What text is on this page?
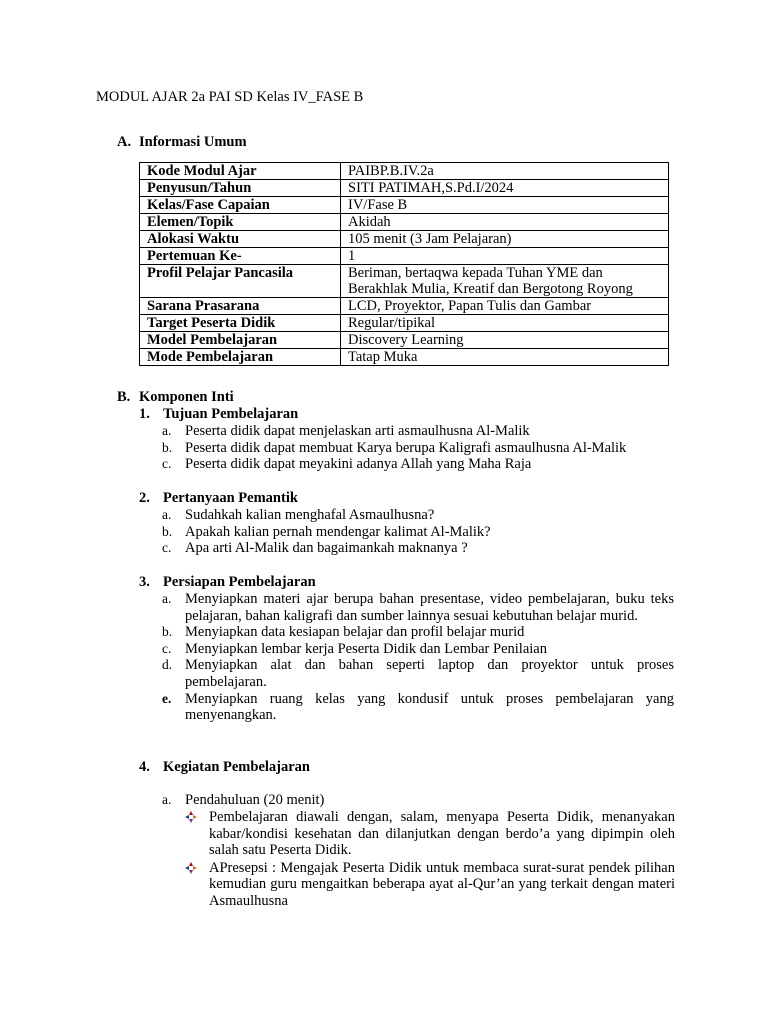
MODUL AJAR 2a PAI SD Kelas IV_FASE B
A. Informasi Umum
Kode Modul Ajar	PAIBP.B.IV.2a
Penyusun/Tahun	SITI PATIMAH,S.Pd.I/2024
Kelas/Fase Capaian	IV/Fase B
Elemen/Topik	Akidah
Alokasi Waktu	105 menit (3 Jam Pelajaran)
Pertemuan Ke-	1
Profil Pelajar Pancasila	Beriman, bertaqwa kepada Tuhan YME dan
Berakhlak Mulia, Kreatif dan Bergotong Royong

Sarana Prasarana	LCD, Proyektor, Papan Tulis dan Gambar
Target Peserta Didik	Regular/tipikal
Model Pembelajaran	Discovery Learning
Mode Pembelajaran	Tatap Muka
B. Komponen Inti
1. Tujuan Pembelajaran
a. Peserta didik dapat menjelaskan arti asmaulhusna Al-Malik
b. Peserta didik dapat membuat Karya berupa Kaligrafi asmaulhusna Al-Malik
c. Peserta didik dapat meyakini adanya Allah yang Maha Raja
2. Pertanyaan Pemantik
a. Sudahkah kalian menghafal Asmaulhusna?
b. Apakah kalian pernah mendengar kalimat Al-Malik?
c. Apa arti Al-Malik dan bagaimankah maknanya ?
3. Persiapan Pembelajaran
a. Menyiapkan materi ajar berupa bahan presentase, video pembelajaran, buku teks pelajaran, bahan kaligrafi dan sumber lainnya sesuai kebutuhan belajar murid.
b. Menyiapkan data kesiapan belajar dan profil belajar murid
c. Menyiapkan lembar kerja Peserta Didik dan Lembar Penilaian
d. Menyiapkan alat dan bahan seperti laptop dan proyektor untuk proses pembelajaran.
e. Menyiapkan ruang kelas yang kondusif untuk proses pembelajaran yang menyenangkan.
4. Kegiatan Pembelajaran
a. Pendahuluan (20 menit)
Pembelajaran diawali dengan, salam, menyapa Peserta Didik, menanyakan kabar/kondisi kesehatan dan dilanjutkan dengan berdo’a yang dipimpin oleh salah satu Peserta Didik.
APresepsi : Mengajak Peserta Didik untuk membaca surat-surat pendek pilihan kemudian guru mengaitkan beberapa ayat al-Qur’an yang terkait dengan materi Asmaulhusna
